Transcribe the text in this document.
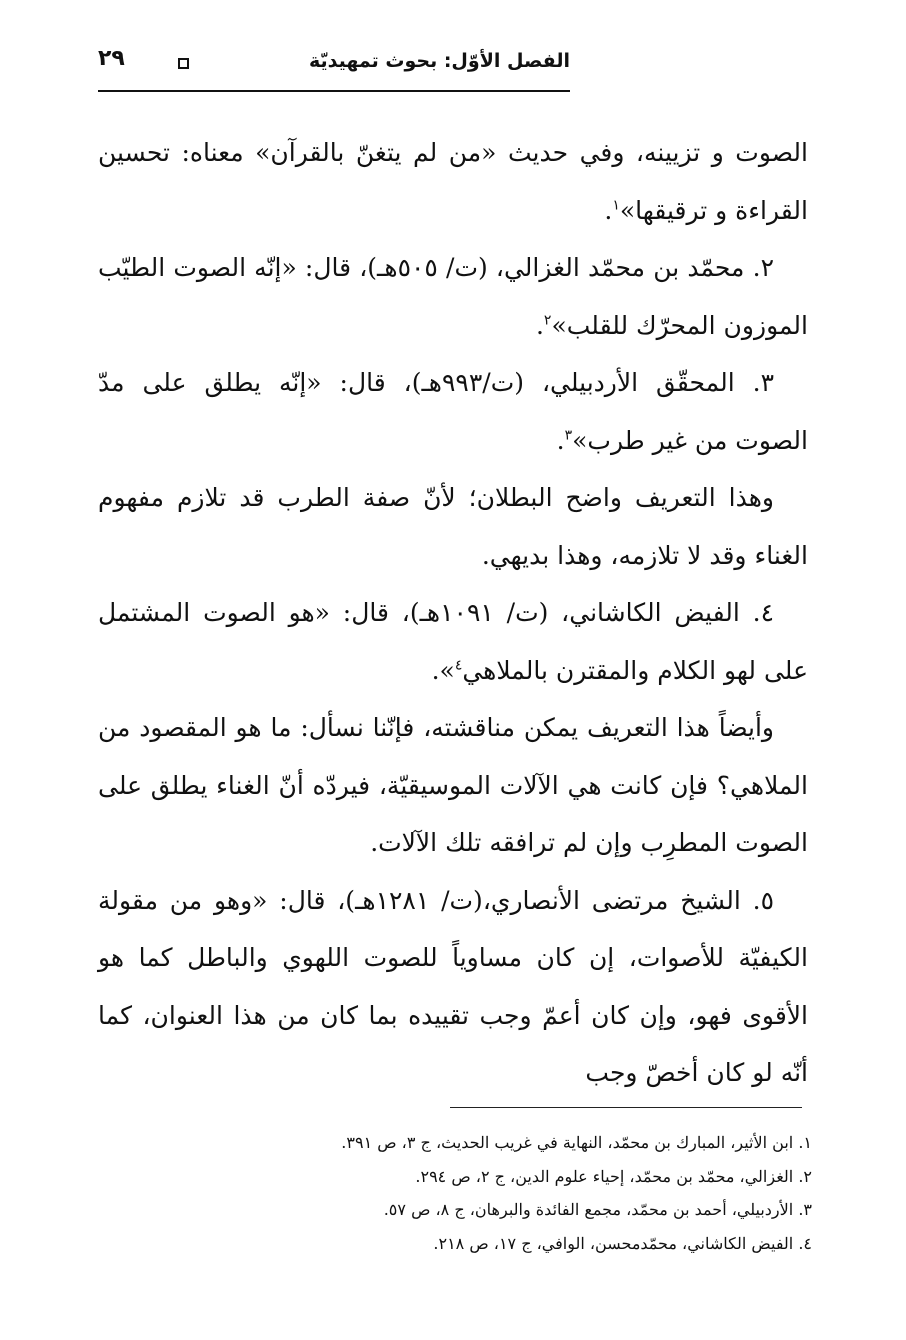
الفصل الأوّل: بحوث تمهيديّة
٢٩

الصوت و تزيينه، وفي حديث «من لم يتغنّ بالقرآن» معناه: تحسين القراءة و ترقيقها»$^١$.

٢. محمّد بن محمّد الغزالي، (ت/ ٥٠٥هـ)، قال: «إنّه الصوت الطيّب الموزون المحرّك للقلب»$^٢$.

٣. المحقّق الأردبيلي، (ت/٩٩٣هـ)، قال: «إنّه يطلق على مدّ الصوت من غير طرب»$^٣$.

وهذا التعريف واضح البطلان؛ لأنّ صفة الطرب قد تلازم مفهوم الغناء وقد لا تلازمه، وهذا بديهي.

٤. الفيض الكاشاني، (ت/ ١٠٩١هـ)، قال: «هو الصوت المشتمل على لهو الكلام والمقترن بالملاهي$^٤$».

وأيضاً هذا التعريف يمكن مناقشته، فإنّنا نسأل: ما هو المقصود من الملاهي؟ فإن كانت هي الآلات الموسيقيّة، فيردّه أنّ الغناء يطلق على الصوت المطرِب وإن لم ترافقه تلك الآلات.

٥. الشيخ مرتضى الأنصاري،(ت/ ١٢٨١هـ)، قال: «وهو من مقولة الكيفيّة للأصوات، إن كان مساوياً للصوت اللهوي والباطل كما هو الأقوى فهو، وإن كان أعمّ وجب تقييده بما كان من هذا العنوان، كما أنّه لو كان أخصّ وجب

١. ابن الأثير، المبارك بن محمّد، النهاية في غريب الحديث، ج ٣، ص ٣٩١.

٢. الغزالي، محمّد بن محمّد، إحياء علوم الدين، ج ٢، ص ٢٩٤.

٣. الأردبيلي، أحمد بن محمّد، مجمع الفائدة والبرهان، ج ٨، ص ٥٧.

٤. الفيض الكاشاني، محمّدمحسن، الوافي، ج ١٧، ص ٢١٨.
